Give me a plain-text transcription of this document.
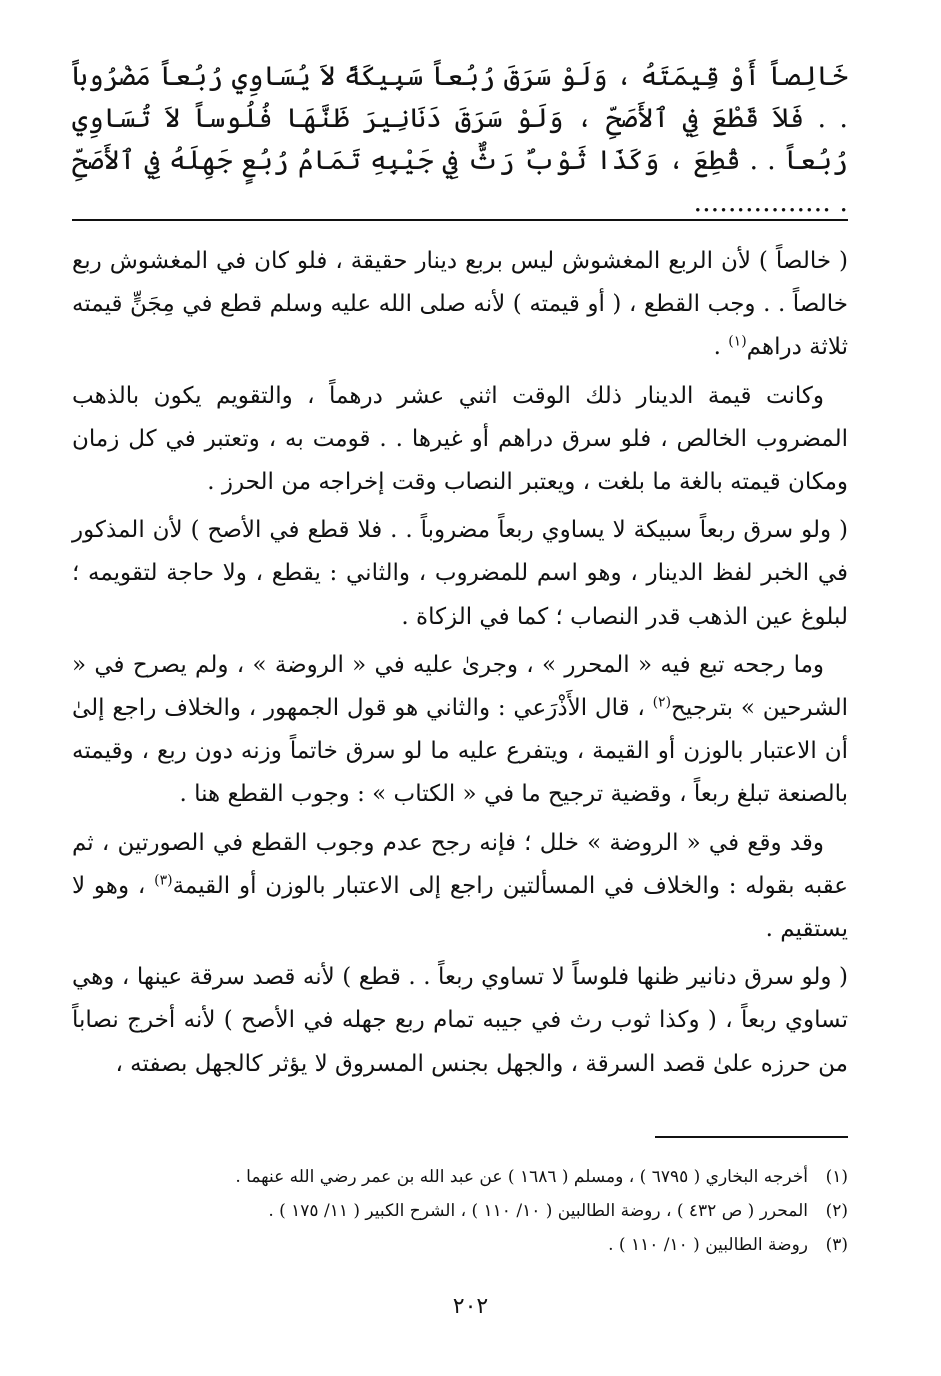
خَالِصاً أَوْ قِيمَتَهُ ، وَلَوْ سَرَقَ رُبُعاً سَبِيكَةً لاَ يُسَاوِي رُبُعاً مَضْرُوباً . . فَلاَ قَطْعَ فِي ٱلأَصَحِّ ، وَلَوْ سَرَقَ دَنَانِيرَ ظَنَّهَا فُلُوساً لاَ تُسَاوِي رُبُعاً . . قُطِعَ ، وَكَذَا ثَوْبٌ رَثٌّ فِي جَيْبِهِ تَمَامُ رُبُعٍ جَهِلَهُ فِي ٱلأَصَحِّ . ................

( خالصاً ) لأن الربع المغشوش ليس بربع دينار حقيقة ، فلو كان في المغشوش ربع خالصاً . . وجب القطع ، ( أو قيمته ) لأنه صلى الله عليه وسلم قطع في مِجَنٍّ قيمته ثلاثة دراهم$^{(١)}$ .

وكانت قيمة الدينار ذلك الوقت اثني عشر درهماً ، والتقويم يكون بالذهب المضروب الخالص ، فلو سرق دراهم أو غيرها . . قومت به ، وتعتبر في كل زمان ومكان قيمته بالغة ما بلغت ، ويعتبر النصاب وقت إخراجه من الحرز .

( ولو سرق ربعاً سبيكة لا يساوي ربعاً مضروباً . . فلا قطع في الأصح ) لأن المذكور في الخبر لفظ الدينار ، وهو اسم للمضروب ، والثاني : يقطع ، ولا حاجة لتقويمه ؛ لبلوغ عين الذهب قدر النصاب ؛ كما في الزكاة .

وما رجحه تبع فيه « المحرر » ، وجرىٰ عليه في « الروضة » ، ولم يصرح في « الشرحين » بترجيح$^{(٢)}$ ، قال الأَذْرَعي : والثاني هو قول الجمهور ، والخلاف راجع إلىٰ أن الاعتبار بالوزن أو القيمة ، ويتفرع عليه ما لو سرق خاتماً وزنه دون ربع ، وقيمته بالصنعة تبلغ ربعاً ، وقضية ترجيح ما في « الكتاب » : وجوب القطع هنا .

وقد وقع في « الروضة » خلل ؛ فإنه رجح عدم وجوب القطع في الصورتين ، ثم عقبه بقوله : والخلاف في المسألتين راجع إلى الاعتبار بالوزن أو القيمة$^{(٣)}$ ، وهو لا يستقيم .

( ولو سرق دنانير ظنها فلوساً لا تساوي ربعاً . . قطع ) لأنه قصد سرقة عينها ، وهي تساوي ربعاً ، ( وكذا ثوب رث في جيبه تمام ربع جهله في الأصح ) لأنه أخرج نصاباً من حرزه علىٰ قصد السرقة ، والجهل بجنس المسروق لا يؤثر كالجهل بصفته ،

(١)أخرجه البخاري ( ٦٧٩٥ ) ، ومسلم ( ١٦٨٦ ) عن عبد الله بن عمر رضي الله عنهما .
(٢)المحرر ( ص ٤٣٢ ) ، روضة الطالبين ( ١٠/ ١١٠ ) ، الشرح الكبير ( ١١/ ١٧٥ ) .
(٣)روضة الطالبين ( ١٠/ ١١٠ ) .
٢٠٢
